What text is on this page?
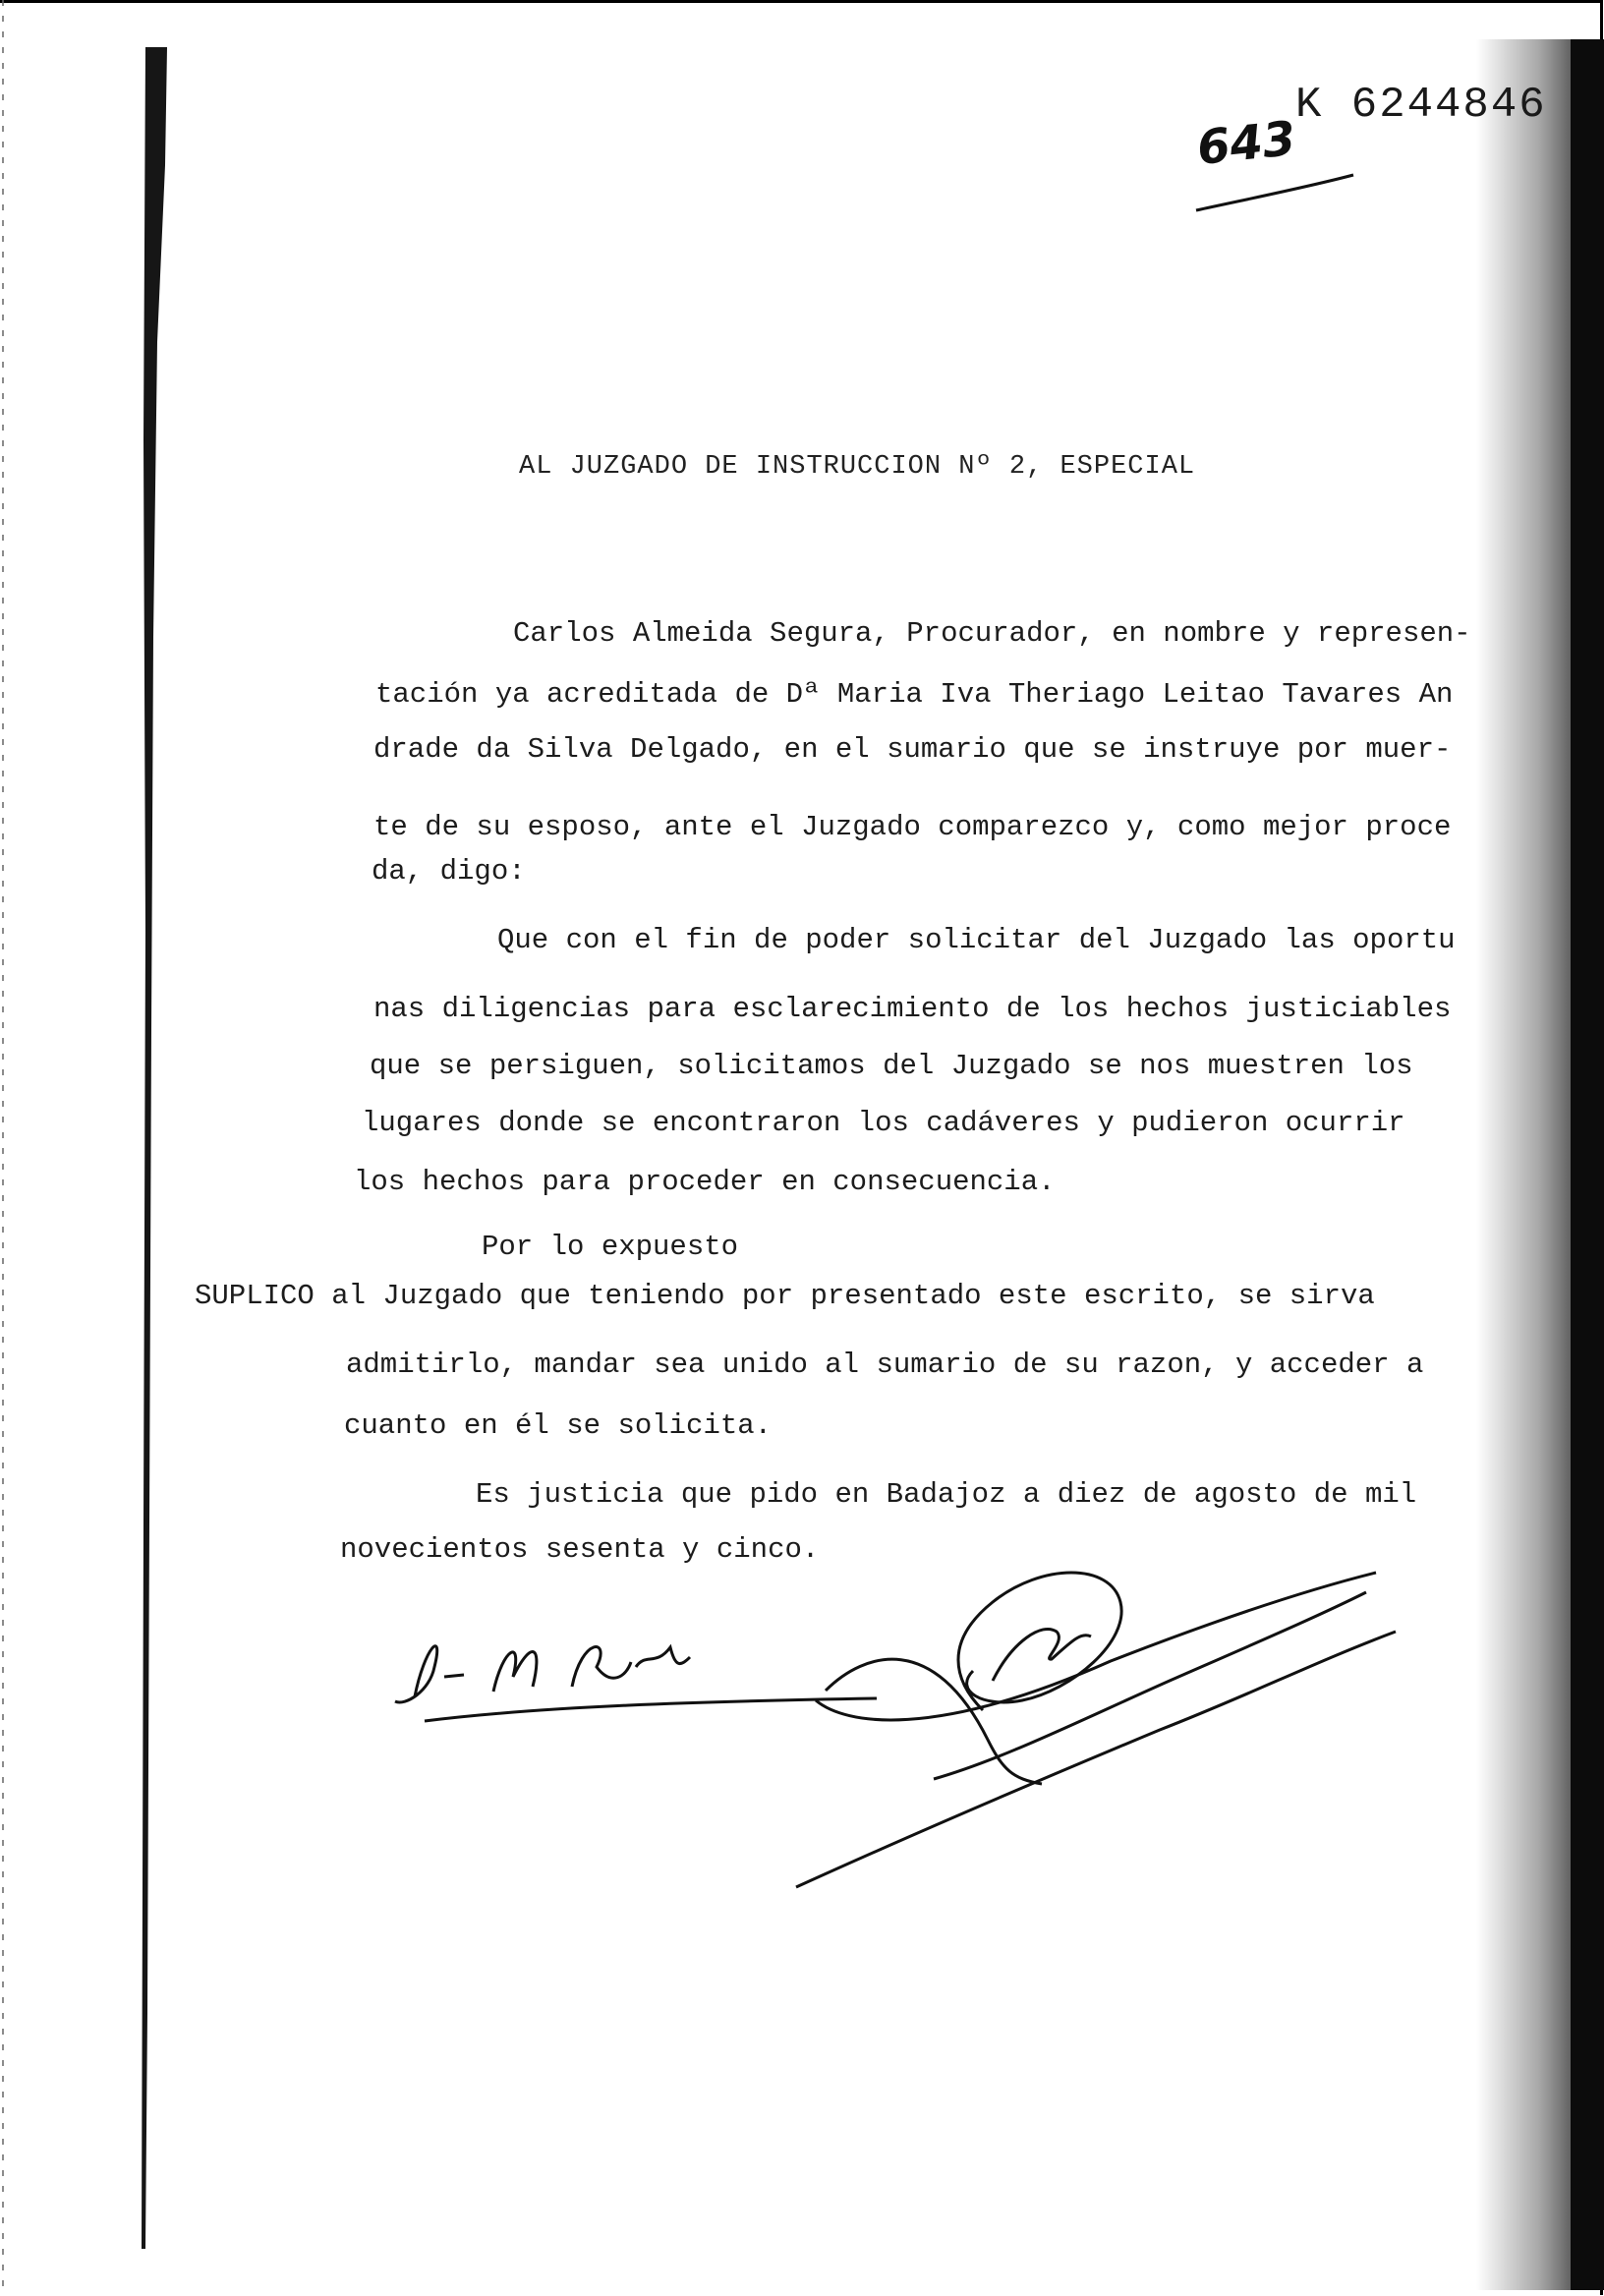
K 6244846
643
AL JUZGADO DE INSTRUCCION Nº 2, ESPECIAL
Carlos Almeida Segura, Procurador, en nombre y represen-
tación ya acreditada de Dª Maria Iva Theriago Leitao Tavares An
drade da Silva Delgado, en el sumario que se instruye por muer-
te de su esposo, ante el Juzgado comparezco y, como mejor proce
da, digo:
Que con el fin de poder solicitar del Juzgado las oportu
nas diligencias para esclarecimiento de los hechos justiciables
que se persiguen, solicitamos del Juzgado se nos muestren los
lugares donde se encontraron los cadáveres y pudieron ocurrir
los hechos para proceder en consecuencia.
Por lo expuesto
SUPLICO al Juzgado que teniendo por presentado este escrito, se sirva
admitirlo, mandar sea unido al sumario de su razon, y acceder a
cuanto en él se solicita.
Es justicia que pido en Badajoz a diez de agosto de mil
novecientos sesenta y cinco.
